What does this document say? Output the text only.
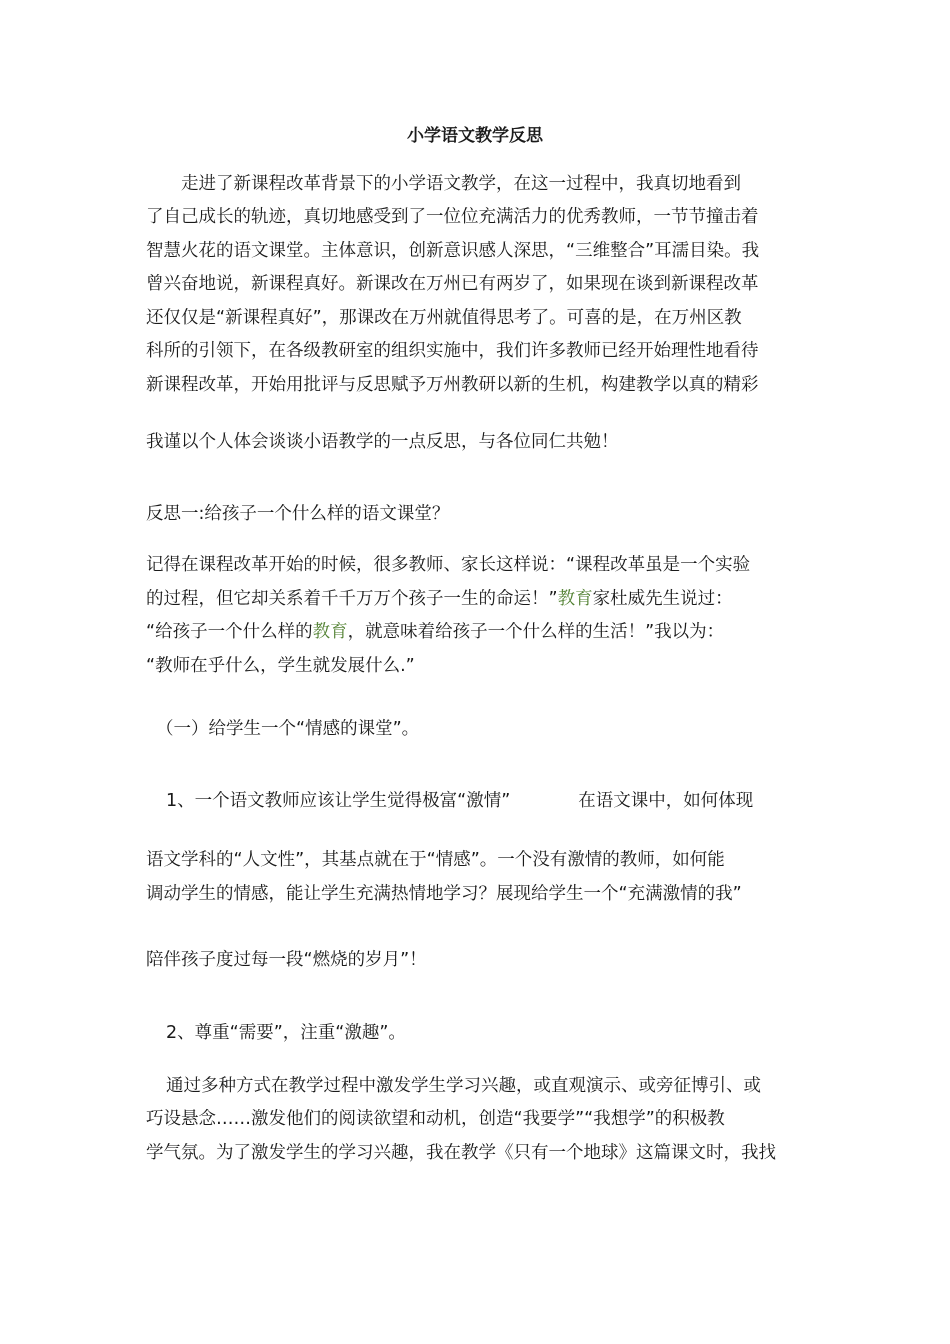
小学语文教学反思
　　走进了新课程改革背景下的小学语文教学，在这一过程中，我真切地看到
了自己成长的轨迹，真切地感受到了一位位充满活力的优秀教师，一节节撞击着
智慧火花的语文课堂。主体意识，创新意识感人深思，“三维整合”耳濡目染。我
曾兴奋地说，新课程真好。新课改在万州已有两岁了，如果现在谈到新课程改革
还仅仅是“新课程真好”，那课改在万州就值得思考了。可喜的是，在万州区教
科所的引领下，在各级教研室的组织实施中，我们许多教师已经开始理性地看待
新课程改革，开始用批评与反思赋予万州教研以新的生机，构建教学以真的精彩
我谨以个人体会谈谈小语教学的一点反思，与各位同仁共勉！
反思一:给孩子一个什么样的语文课堂？
记得在课程改革开始的时候，很多教师、家长这样说：“课程改革虽是一个实验
的过程，但它却关系着千千万万个孩子一生的命运！”教育家杜威先生说过：
“给孩子一个什么样的教育，就意味着给孩子一个什么样的生活！”我以为：
“教师在乎什么，学生就发展什么.”
（一）给学生一个“情感的课堂”。
1、一个语文教师应该让学生觉得极富“激情”	在语文课中，如何体现
语文学科的“人文性”，其基点就在于“情感”。一个没有激情的教师，如何能
调动学生的情感，能让学生充满热情地学习？展现给学生一个“充满激情的我”
陪伴孩子度过每一段“燃烧的岁月”！
2、尊重“需要”，注重“激趣”。
通过多种方式在教学过程中激发学生学习兴趣，或直观演示、或旁征博引、或
巧设悬念……激发他们的阅读欲望和动机，创造“我要学”“我想学”的积极教
学气氛。为了激发学生的学习兴趣，我在教学《只有一个地球》这篇课文时，我找
